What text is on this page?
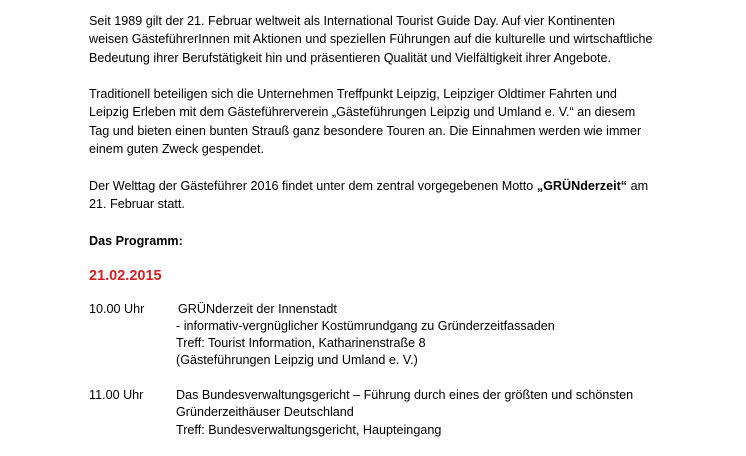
Seit 1989 gilt der 21. Februar weltweit als International Tourist Guide Day. Auf vier Kontinenten
weisen GästeführerInnen mit Aktionen und speziellen Führungen auf die kulturelle und wirtschaftliche
Bedeutung ihrer Berufstätigkeit hin und präsentieren Qualität und Vielfältigkeit ihrer Angebote.

Traditionell beteiligen sich die Unternehmen Treffpunkt Leipzig, Leipziger Oldtimer Fahrten und
Leipzig Erleben mit dem Gästeführerverein „Gästeführungen Leipzig und Umland e. V.“ an diesem
Tag und bieten einen bunten Strauß ganz besondere Touren an. Die Einnahmen werden wie immer
einem guten Zweck gespendet.

Der Welttag der Gästeführer 2016 findet unter dem zentral vorgegebenen Motto „GRÜNderzeit“ am
21. Februar statt.

Das Programm:
21.02.2015
10.00 Uhr	GRÜNderzeit der Innenstadt
- informativ-vergnüglicher Kostümrundgang zu Gründerzeitfassaden
Treff: Tourist Information, Katharinenstraße 8
(Gästeführungen Leipzig und Umland e. V.)
11.00 Uhr	Das Bundesverwaltungsgericht – Führung durch eines der größten und schönsten
Gründerzeithäuser Deutschland
Treff: Bundesverwaltungsgericht, Haupteingang
